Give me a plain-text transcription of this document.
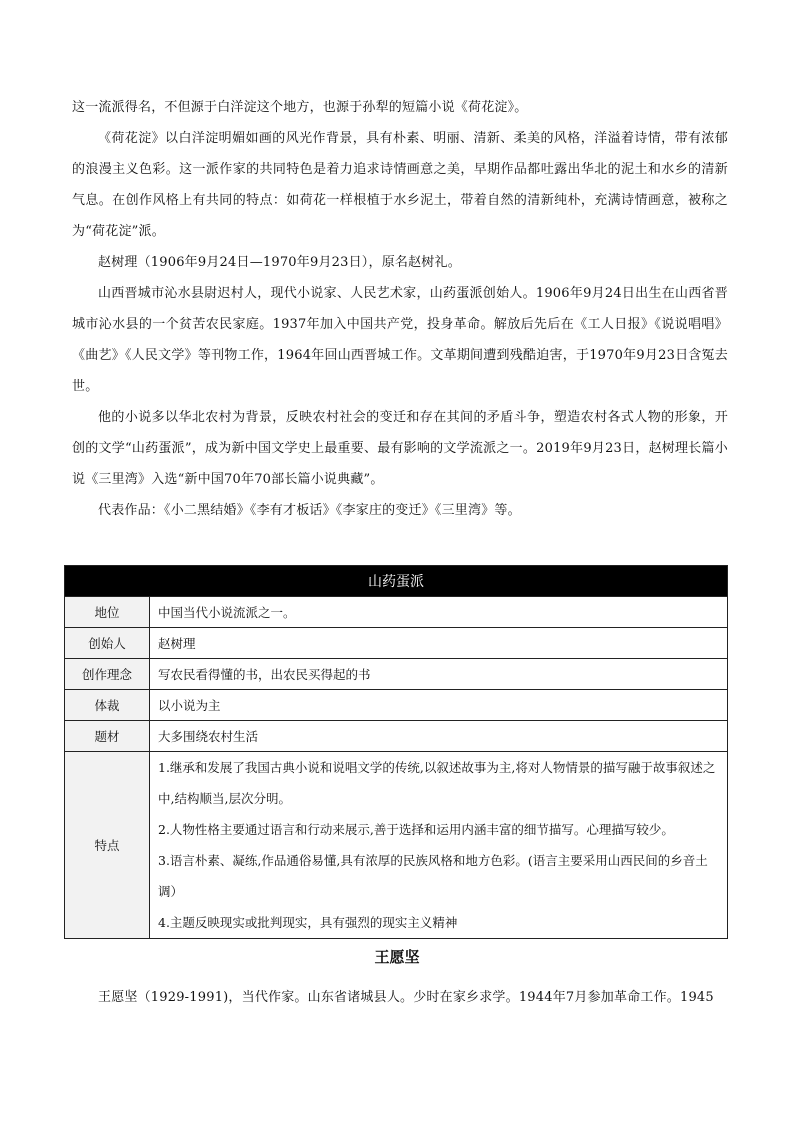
这一流派得名，不但源于白洋淀这个地方，也源于孙犁的短篇小说《荷花淀》。

《荷花淀》以白洋淀明媚如画的风光作背景，具有朴素、明丽、清新、柔美的风格，洋溢着诗情，带有浓郁的浪漫主义色彩。这一派作家的共同特色是着力追求诗情画意之美，早期作品都吐露出华北的泥土和水乡的清新气息。在创作风格上有共同的特点：如荷花一样根植于水乡泥土，带着自然的清新纯朴，充满诗情画意，被称之为“荷花淀”派。

赵树理（1906年9月24日—1970年9月23日），原名赵树礼。

山西晋城市沁水县尉迟村人，现代小说家、人民艺术家，山药蛋派创始人。1906年9月24日出生在山西省晋城市沁水县的一个贫苦农民家庭。1937年加入中国共产党，投身革命。解放后先后在《工人日报》《说说唱唱》《曲艺》《人民文学》等刊物工作，1964年回山西晋城工作。文革期间遭到残酷迫害，于1970年9月23日含冤去世。

他的小说多以华北农村为背景，反映农村社会的变迁和存在其间的矛盾斗争，塑造农村各式人物的形象，开创的文学“山药蛋派”，成为新中国文学史上最重要、最有影响的文学流派之一。2019年9月23日，赵树理长篇小说《三里湾》入选“新中国70年70部长篇小说典藏”。

代表作品：《小二黑结婚》《李有才板话》《李家庄的变迁》《三里湾》等。

山药蛋派	
地位	中国当代小说流派之一。
创始人	赵树理
创作理念	写农民看得懂的书，出农民买得起的书
体裁	以小说为主
题材	大多围绕农村生活
特点	1.继承和发展了我国古典小说和说唱文学的传统,以叙述故事为主,将对人物情景的描写融于故事叙述之中,结构顺当,层次分明。

2.人物性格主要通过语言和行动来展示,善于选择和运用内涵丰富的细节描写。心理描写较少。

3.语言朴素、凝练,作品通俗易懂,具有浓厚的民族风格和地方色彩。(语言主要采用山西民间的乡音土调）

4.主题反映现实或批判现实，具有强烈的现实主义精神

王愿坚

王愿坚（1929-1991)，当代作家。山东省诸城县人。少时在家乡求学。1944年7月参加革命工作。1945
